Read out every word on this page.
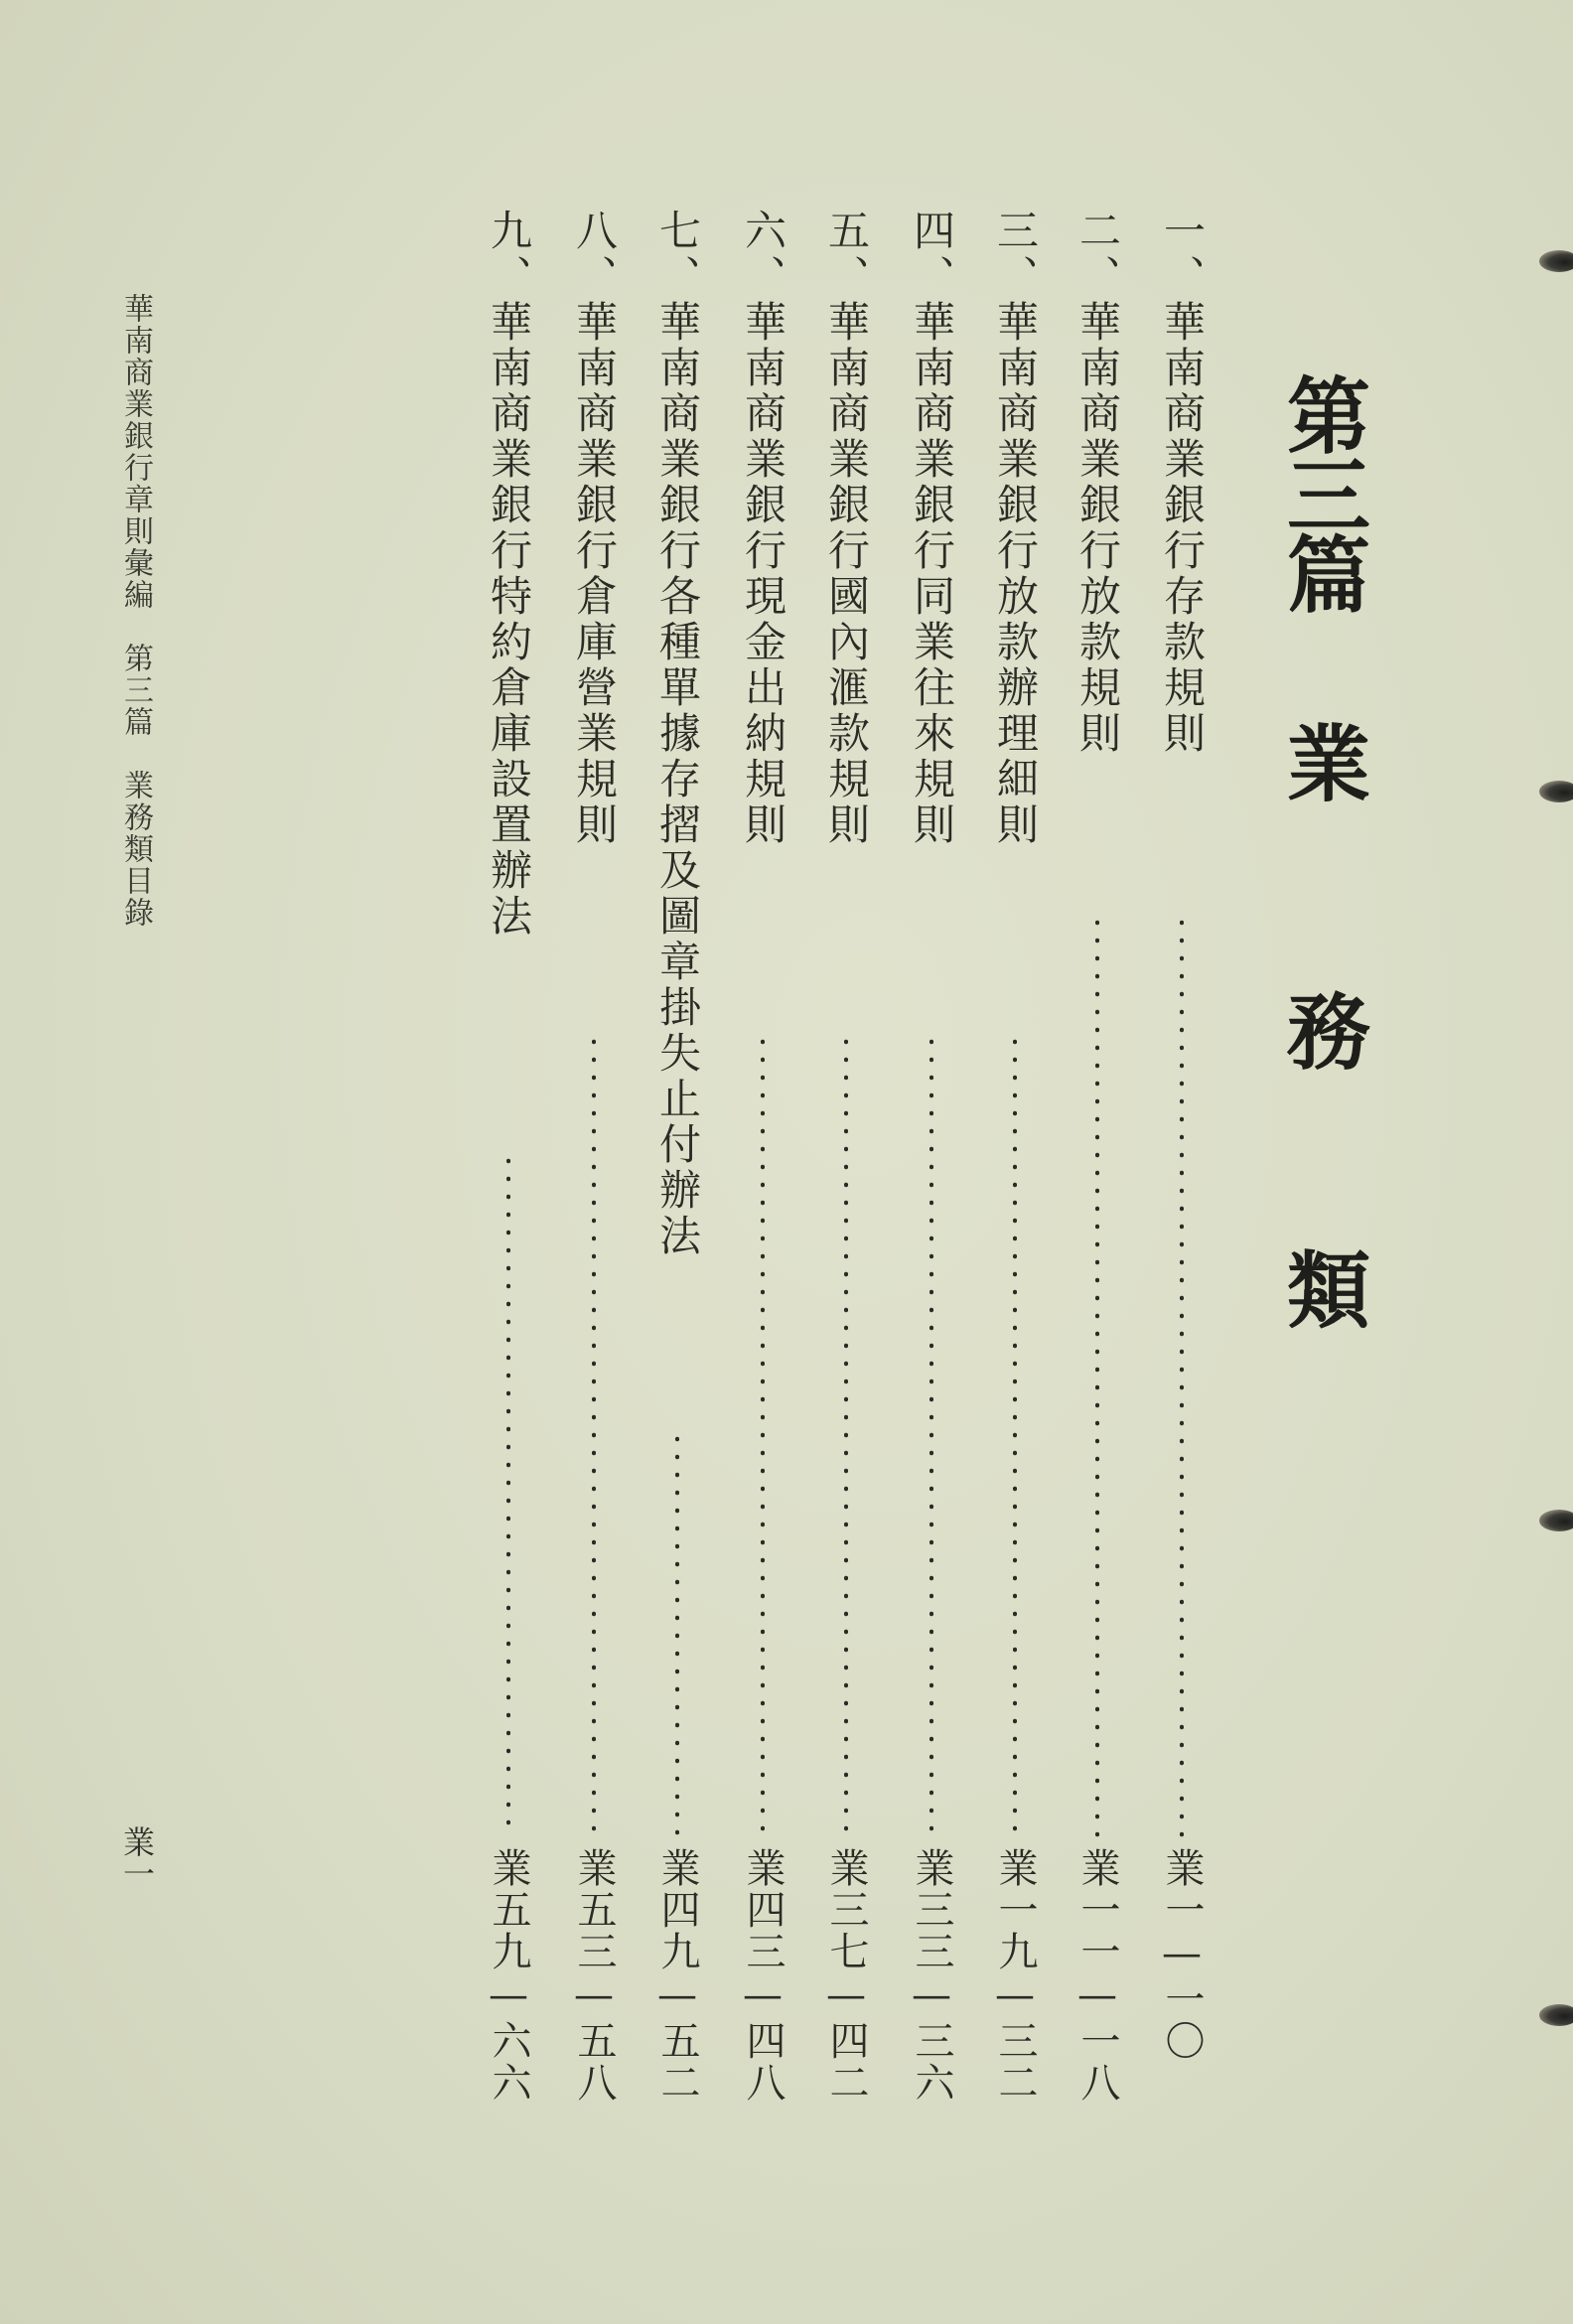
第
三
篇
業
務
類
一、華南商業銀行存款規則
業一—一〇
二、華南商業銀行放款規則
業一一—一八
三、華南商業銀行放款辦理細則
業一九—三二
四、華南商業銀行同業往來規則
業三三—三六
五、華南商業銀行國內滙款規則
業三七—四二
六、華南商業銀行現金出納規則
業四三—四八
七、華南商業銀行各種單據存摺及圖章掛失止付辦法
業四九—五二
八、華南商業銀行倉庫營業規則
業五三—五八
九、華南商業銀行特約倉庫設置辦法
業五九—六六
華南商業銀行章則彙編　第三篇　業務類目錄
業一
